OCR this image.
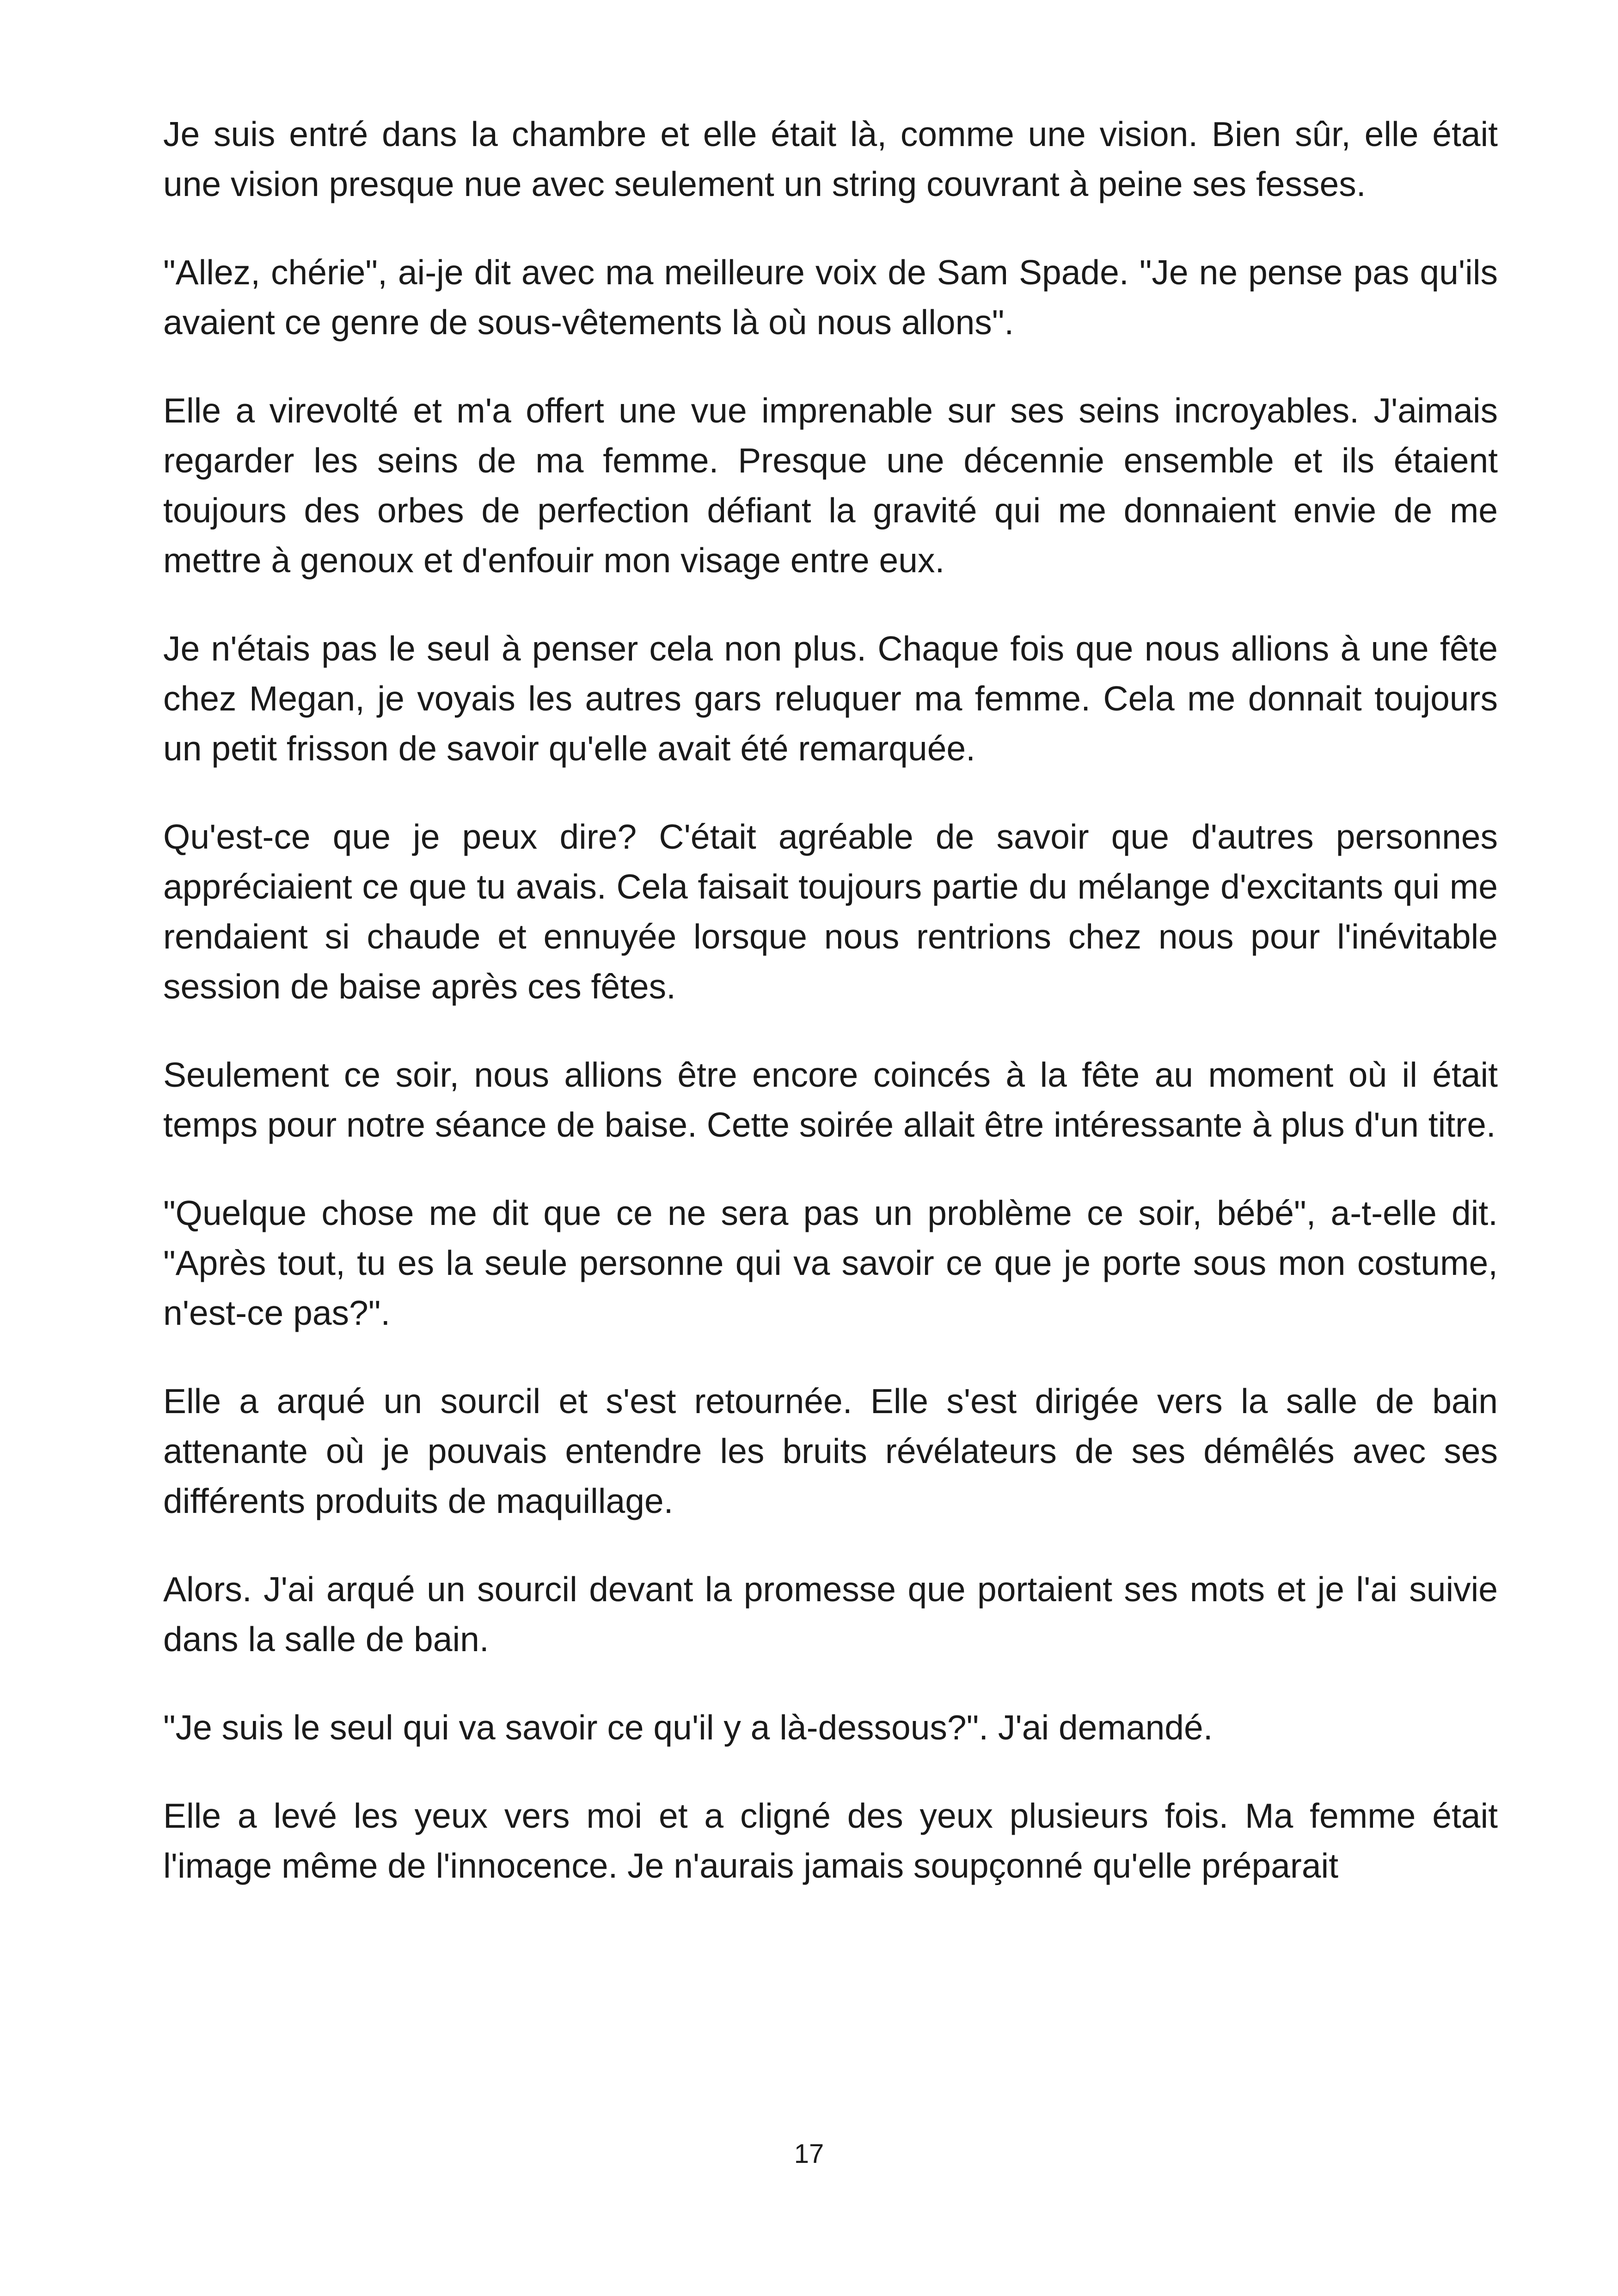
Je suis entré dans la chambre et elle était là, comme une vision. Bien sûr, elle était une vision presque nue avec seulement un string couvrant à peine ses fesses.

"Allez, chérie", ai-je dit avec ma meilleure voix de Sam Spade. "Je ne pense pas qu'ils avaient ce genre de sous-vêtements là où nous allons".

Elle a virevolté et m'a offert une vue imprenable sur ses seins incroyables. J'aimais regarder les seins de ma femme. Presque une décennie ensemble et ils étaient toujours des orbes de perfection défiant la gravité qui me donnaient envie de me mettre à genoux et d'enfouir mon visage entre eux.

Je n'étais pas le seul à penser cela non plus. Chaque fois que nous allions à une fête chez Megan, je voyais les autres gars reluquer ma femme. Cela me donnait toujours un petit frisson de savoir qu'elle avait été remarquée.

Qu'est-ce que je peux dire? C'était agréable de savoir que d'autres personnes appréciaient ce que tu avais. Cela faisait toujours partie du mélange d'excitants qui me rendaient si chaude et ennuyée lorsque nous rentrions chez nous pour l'inévitable session de baise après ces fêtes.

Seulement ce soir, nous allions être encore coincés à la fête au moment où il était temps pour notre séance de baise. Cette soirée allait être intéressante à plus d'un titre.

"Quelque chose me dit que ce ne sera pas un problème ce soir, bébé", a-t-elle dit. "Après tout, tu es la seule personne qui va savoir ce que je porte sous mon costume, n'est-ce pas?".

Elle a arqué un sourcil et s'est retournée. Elle s'est dirigée vers la salle de bain attenante où je pouvais entendre les bruits révélateurs de ses démêlés avec ses différents produits de maquillage.

Alors. J'ai arqué un sourcil devant la promesse que portaient ses mots et je l'ai suivie dans la salle de bain.

"Je suis le seul qui va savoir ce qu'il y a là-dessous?". J'ai demandé.

Elle a levé les yeux vers moi et a cligné des yeux plusieurs fois. Ma femme était l'image même de l'innocence. Je n'aurais jamais soupçonné qu'elle préparait

17
